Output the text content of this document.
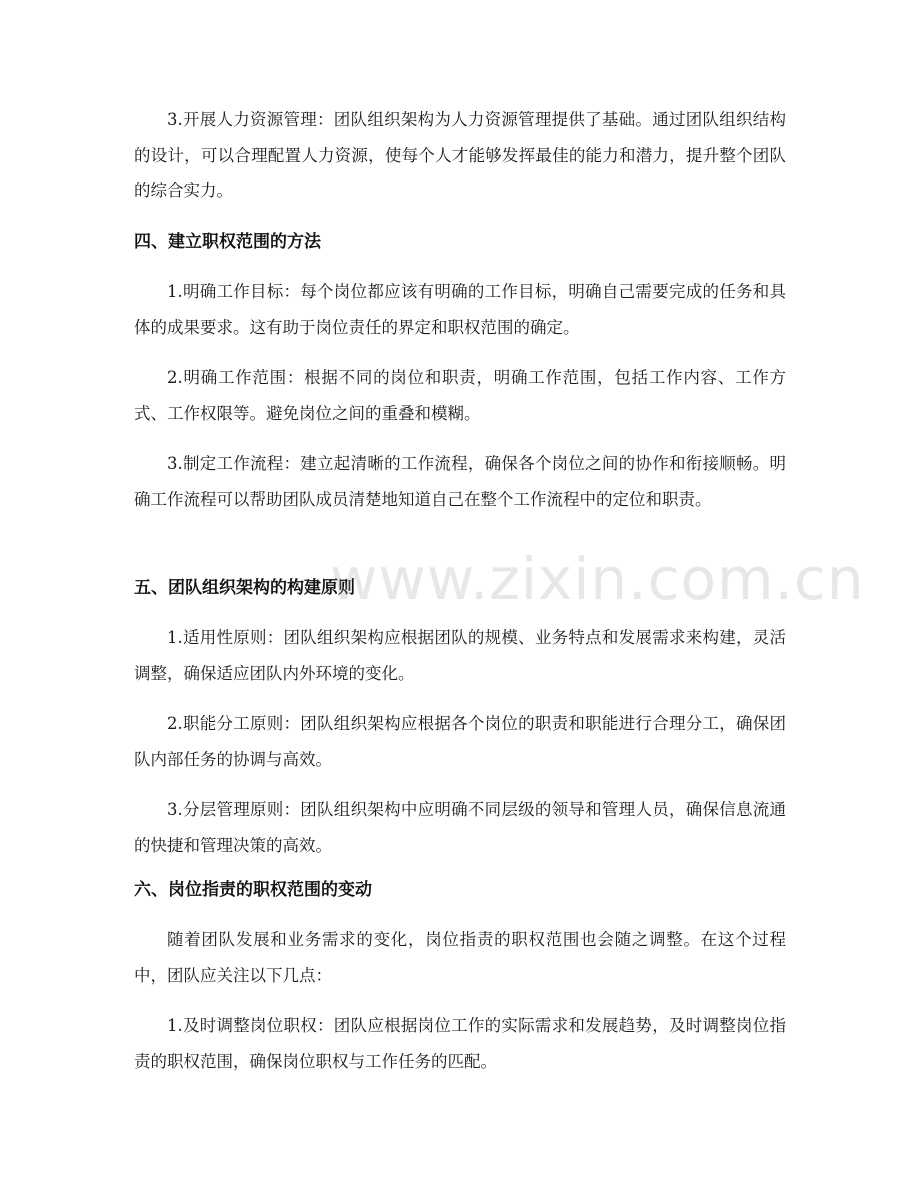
3.开展人力资源管理：团队组织架构为人力资源管理提供了基础。通过团队组织结构的设计，可以合理配置人力资源，使每个人才能够发挥最佳的能力和潜力，提升整个团队的综合实力。

四、建立职权范围的方法

1.明确工作目标：每个岗位都应该有明确的工作目标，明确自己需要完成的任务和具体的成果要求。这有助于岗位责任的界定和职权范围的确定。

2.明确工作范围：根据不同的岗位和职责，明确工作范围，包括工作内容、工作方式、工作权限等。避免岗位之间的重叠和模糊。

3.制定工作流程：建立起清晰的工作流程，确保各个岗位之间的协作和衔接顺畅。明确工作流程可以帮助团队成员清楚地知道自己在整个工作流程中的定位和职责。

五、团队组织架构的构建原则

1.适用性原则：团队组织架构应根据团队的规模、业务特点和发展需求来构建，灵活调整，确保适应团队内外环境的变化。

2.职能分工原则：团队组织架构应根据各个岗位的职责和职能进行合理分工，确保团队内部任务的协调与高效。

3.分层管理原则：团队组织架构中应明确不同层级的领导和管理人员，确保信息流通的快捷和管理决策的高效。

六、岗位指责的职权范围的变动

随着团队发展和业务需求的变化，岗位指责的职权范围也会随之调整。在这个过程中，团队应关注以下几点：

1.及时调整岗位职权：团队应根据岗位工作的实际需求和发展趋势，及时调整岗位指责的职权范围，确保岗位职权与工作任务的匹配。

www.zixin.com.cn
